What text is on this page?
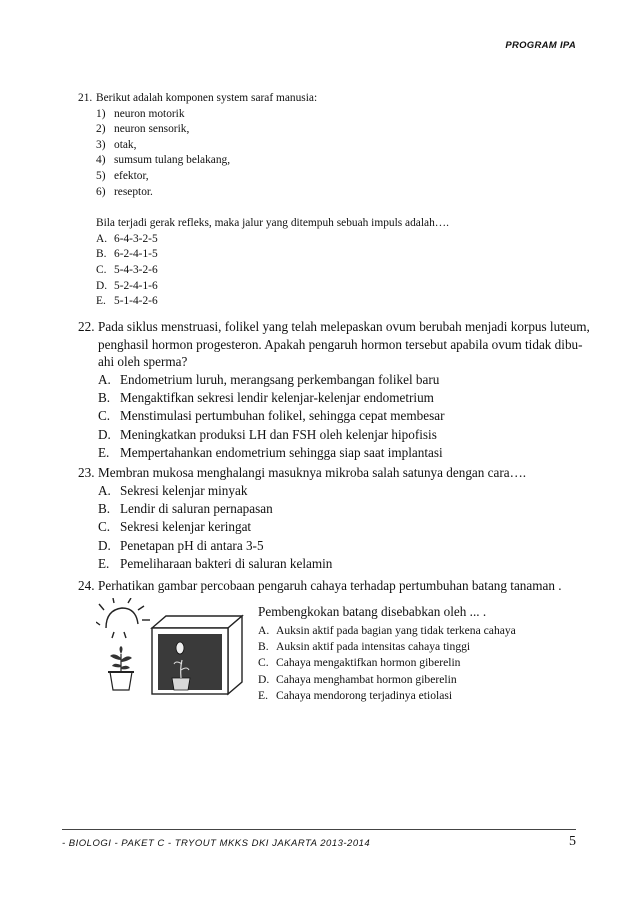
PROGRAM IPA
21. Berikut adalah komponen system saraf manusia:
1) neuron motorik
2) neuron sensorik,
3) otak,
4) sumsum tulang belakang,
5) efektor,
6) reseptor.
Bila terjadi gerak refleks, maka jalur yang ditempuh sebuah impuls adalah….
A. 6-4-3-2-5
B. 6-2-4-1-5
C. 5-4-3-2-6
D. 5-2-4-1-6
E. 5-1-4-2-6
22. Pada siklus menstruasi, folikel yang telah melepaskan ovum berubah menjadi korpus luteum,
penghasil hormon progesteron. Apakah pengaruh hormon tersebut apabila ovum tidak dibu-
ahi oleh sperma?
A. Endometrium luruh, merangsang perkembangan folikel baru
B. Mengaktifkan sekresi lendir kelenjar-kelenjar endometrium
C. Menstimulasi pertumbuhan folikel, sehingga cepat membesar
D. Meningkatkan produksi LH dan FSH oleh kelenjar hipofisis
E. Mempertahankan endometrium sehingga siap saat implantasi
23. Membran mukosa menghalangi masuknya mikroba salah satunya dengan cara….
A. Sekresi kelenjar minyak
B. Lendir di saluran pernapasan
C. Sekresi kelenjar keringat
D. Penetapan pH di antara 3-5
E. Pemeliharaan bakteri di saluran kelamin
24. Perhatikan gambar percobaan pengaruh cahaya terhadap pertumbuhan batang tanaman .
Pembengkokan batang disebabkan oleh ... .
A. Auksin aktif pada bagian yang tidak terkena cahaya
B. Auksin aktif pada intensitas cahaya tinggi
C. Cahaya mengaktifkan hormon giberelin
D. Cahaya menghambat hormon giberelin
E. Cahaya mendorong terjadinya etiolasi
- BIOLOGI - PAKET C - TRYOUT MKKS DKI JAKARTA 2013-2014	5
